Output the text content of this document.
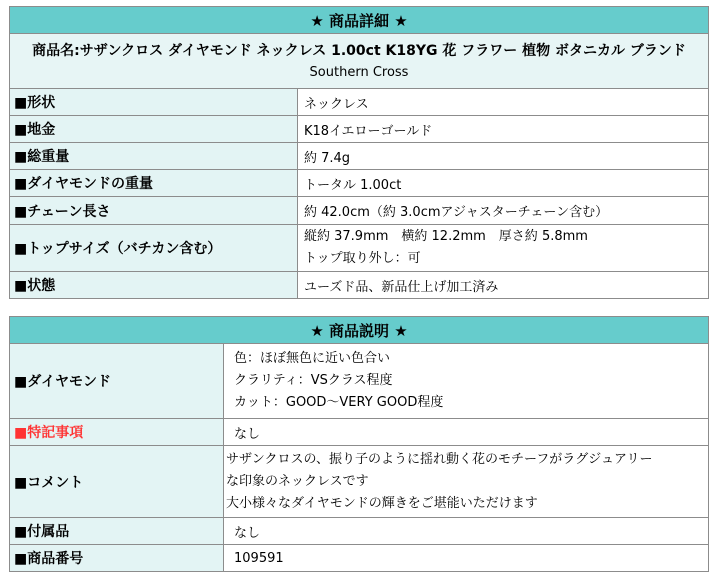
★ 商品詳細 ★	

商品名:サザンクロス ダイヤモンド ネックレス 1.00ct K18YG 花 フラワー 植物 ボタニカル ブランド
Southern Cross	

■形状	ネックレス
■地金	K18イエローゴールド
■総重量	約 7.4g
■ダイヤモンドの重量	トータル 1.00ct
■チェーン長さ	約 42.0cm（約 3.0cmアジャスターチェーン含む）
■トップサイズ（バチカン含む）	縦約 37.9mm　横約 12.2mm　厚さ約 5.8mm
トップ取り外し：可

■状態	ユーズド品、新品仕上げ加工済み
★ 商品説明 ★	
■ダイヤモンド	色：ほぼ無色に近い色合い
クラリティ：VSクラス程度
カット：GOOD～VERY GOOD程度

■特記事項	なし
■コメント	サザンクロスの、振り子のように揺れ動く花のモチーフがラグジュアリー
な印象のネックレスです
大小様々なダイヤモンドの輝きをご堪能いただけます

■付属品	なし
■商品番号	109591
